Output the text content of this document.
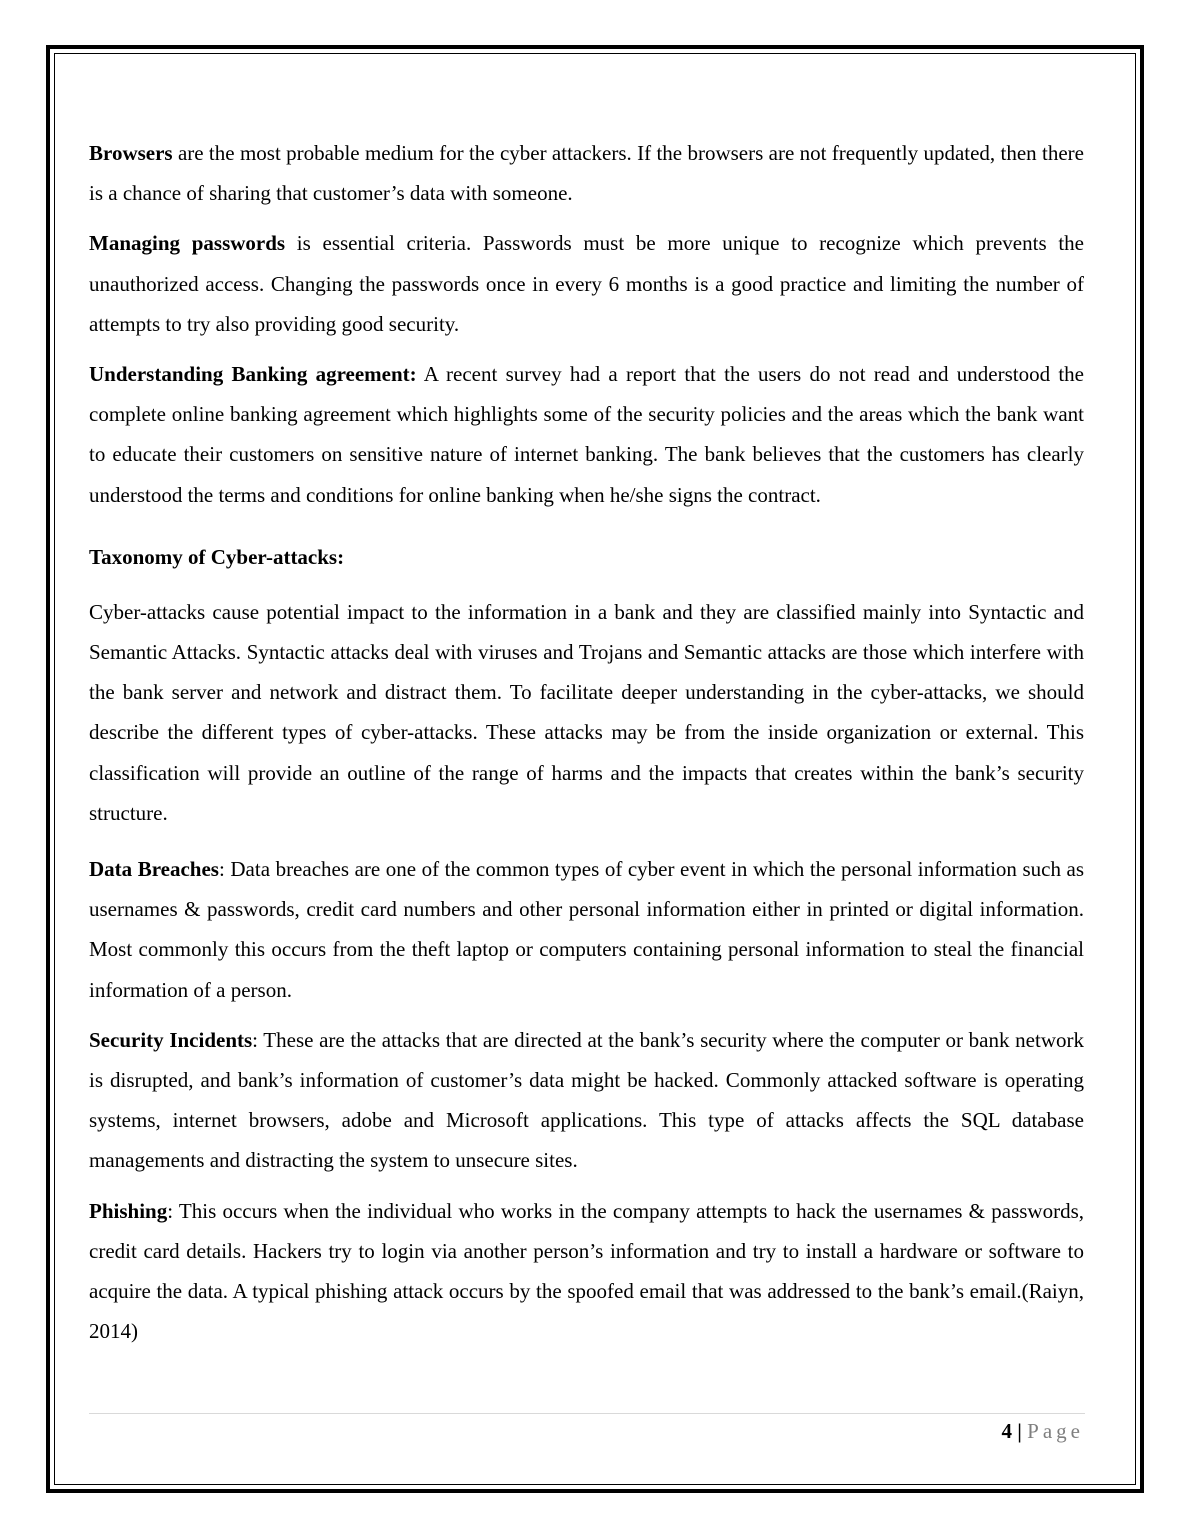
Browsers are the most probable medium for the cyber attackers. If the browsers are not frequently updated, then there is a chance of sharing that customer’s data with someone.

Managing passwords is essential criteria. Passwords must be more unique to recognize which prevents the unauthorized access. Changing the passwords once in every 6 months is a good practice and limiting the number of attempts to try also providing good security.

Understanding Banking agreement: A recent survey had a report that the users do not read and understood the complete online banking agreement which highlights some of the security policies and the areas which the bank want to educate their customers on sensitive nature of internet banking. The bank believes that the customers has clearly understood the terms and conditions for online banking when he/she signs the contract.

Taxonomy of Cyber-attacks:

Cyber-attacks cause potential impact to the information in a bank and they are classified mainly into Syntactic and Semantic Attacks. Syntactic attacks deal with viruses and Trojans and Semantic attacks are those which interfere with the bank server and network and distract them. To facilitate deeper understanding in the cyber-attacks, we should describe the different types of cyber-attacks. These attacks may be from the inside organization or external. This classification will provide an outline of the range of harms and the impacts that creates within the bank’s security structure.

Data Breaches: Data breaches are one of the common types of cyber event in which the personal information such as usernames & passwords, credit card numbers and other personal information either in printed or digital information. Most commonly this occurs from the theft laptop or computers containing personal information to steal the financial information of a person.

Security Incidents: These are the attacks that are directed at the bank’s security where the computer or bank network is disrupted, and bank’s information of customer’s data might be hacked. Commonly attacked software is operating systems, internet browsers, adobe and Microsoft applications. This type of attacks affects the SQL database managements and distracting the system to unsecure sites.

Phishing: This occurs when the individual who works in the company attempts to hack the usernames & passwords, credit card details. Hackers try to login via another person’s information and try to install a hardware or software to acquire the data. A typical phishing attack occurs by the spoofed email that was addressed to the bank’s email.(Raiyn, 2014)

4 | Page
